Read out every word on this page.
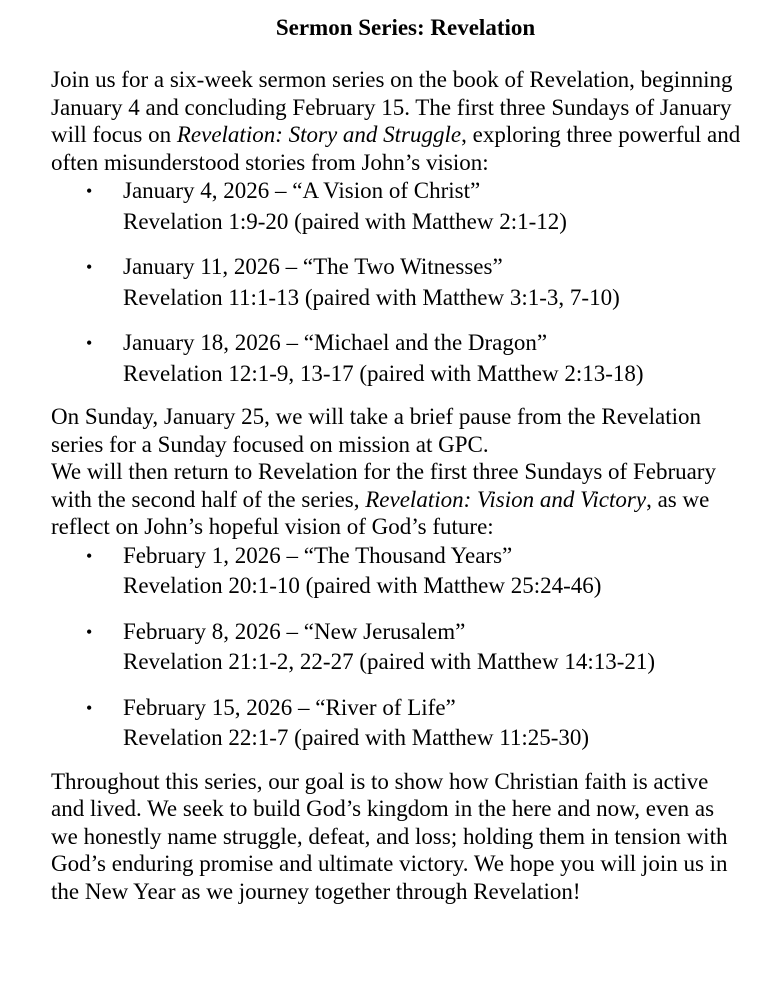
Sermon Series: Revelation

Join us for a six-week sermon series on the book of Revelation, beginning January 4 and concluding February 15. The first three Sundays of January will focus on Revelation: Story and Struggle, exploring three powerful and often misunderstood stories from John’s vision:

• January 4, 2026 – “A Vision of Christ”
Revelation 1:9-20 (paired with Matthew 2:1-12)
• January 11, 2026 – “The Two Witnesses”
Revelation 11:1-13 (paired with Matthew 3:1-3, 7-10)
• January 18, 2026 – “Michael and the Dragon”
Revelation 12:1-9, 13-17 (paired with Matthew 2:13-18)

On Sunday, January 25, we will take a brief pause from the Revelation series for a Sunday focused on mission at GPC.

We will then return to Revelation for the first three Sundays of February with the second half of the series, Revelation: Vision and Victory, as we reflect on John’s hopeful vision of God’s future:

• February 1, 2026 – “The Thousand Years”
Revelation 20:1-10 (paired with Matthew 25:24-46)
• February 8, 2026 – “New Jerusalem”
Revelation 21:1-2, 22-27 (paired with Matthew 14:13-21)
• February 15, 2026 – “River of Life”
Revelation 22:1-7 (paired with Matthew 11:25-30)

Throughout this series, our goal is to show how Christian faith is active and lived. We seek to build God’s kingdom in the here and now, even as we honestly name struggle, defeat, and loss; holding them in tension with God’s enduring promise and ultimate victory. We hope you will join us in the New Year as we journey together through Revelation!
